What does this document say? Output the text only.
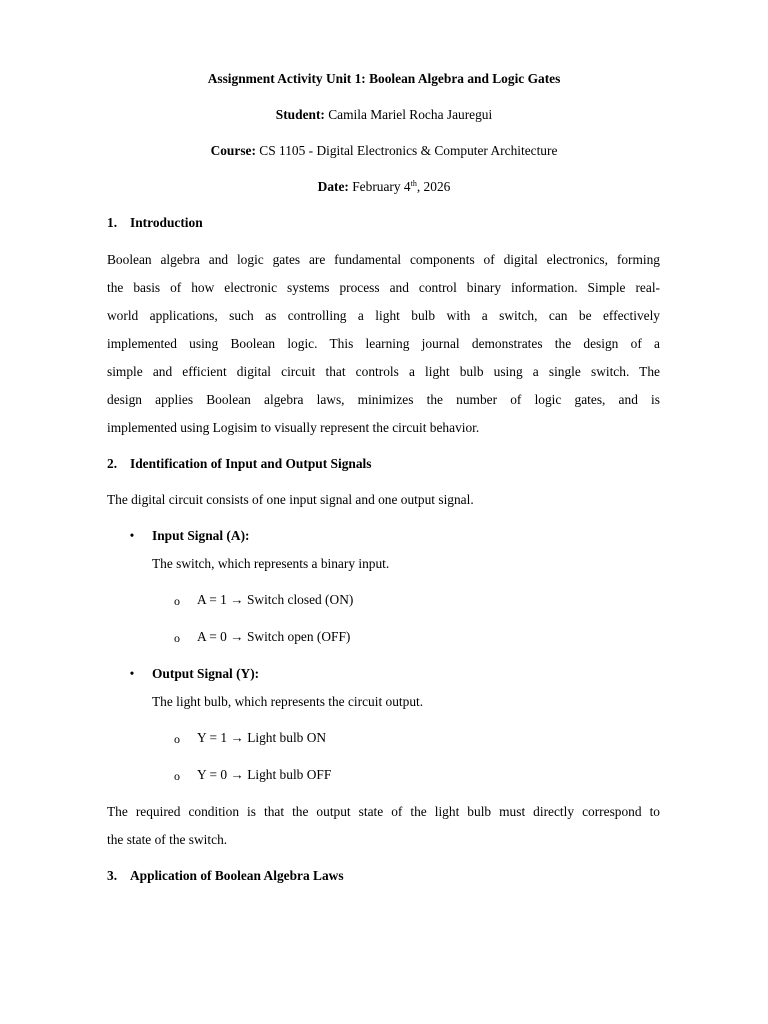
Assignment Activity Unit 1: Boolean Algebra and Logic Gates
Student: Camila Mariel Rocha Jauregui
Course: CS 1105 - Digital Electronics & Computer Architecture
Date: February 4th, 2026
1. Introduction
Boolean algebra and logic gates are fundamental components of digital electronics, forming
the basis of how electronic systems process and control binary information. Simple real-
world applications, such as controlling a light bulb with a switch, can be effectively
implemented using Boolean logic. This learning journal demonstrates the design of a
simple and efficient digital circuit that controls a light bulb using a single switch. The
design applies Boolean algebra laws, minimizes the number of logic gates, and is
implemented using Logisim to visually represent the circuit behavior.
2. Identification of Input and Output Signals
The digital circuit consists of one input signal and one output signal.
• Input Signal (A):
The switch, which represents a binary input.
o A = 1 → Switch closed (ON)
o A = 0 → Switch open (OFF)
• Output Signal (Y):
The light bulb, which represents the circuit output.
o Y = 1 → Light bulb ON
o Y = 0 → Light bulb OFF
The required condition is that the output state of the light bulb must directly correspond to
the state of the switch.
3. Application of Boolean Algebra Laws
